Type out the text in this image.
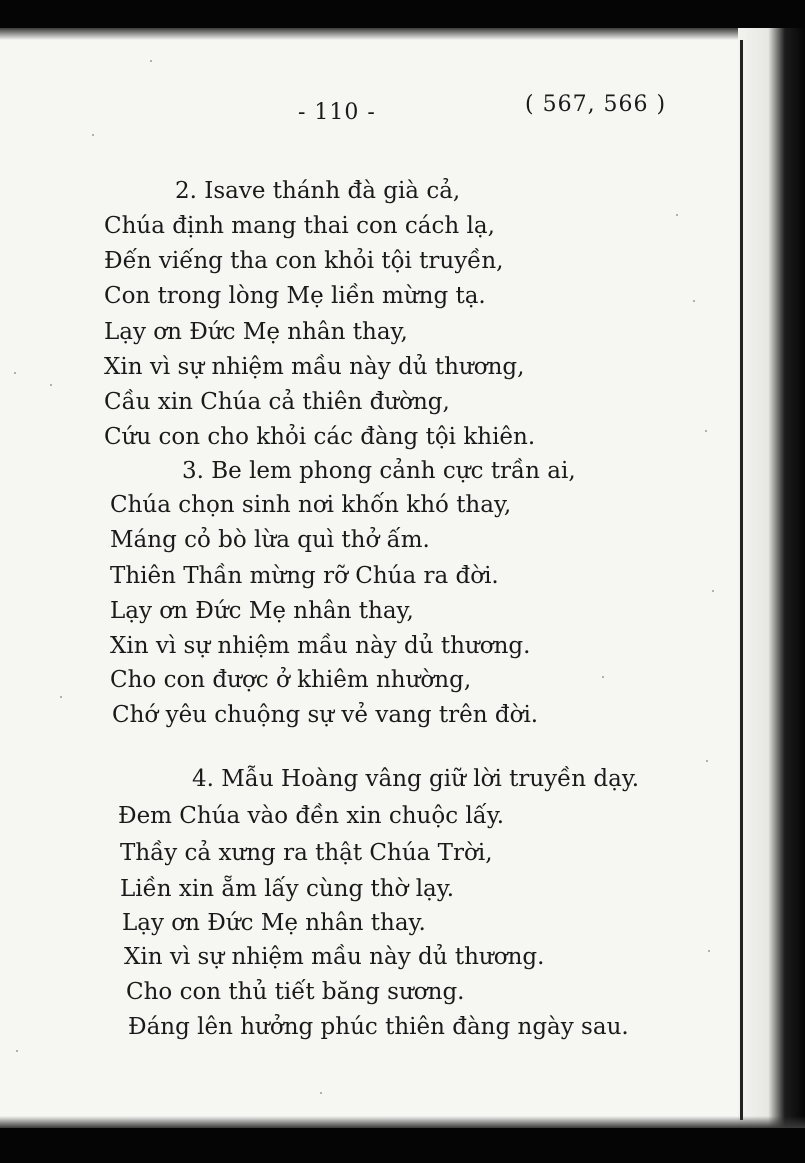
- 110 -	( 567, 566 )
2. Isave thánh đà già cả,
Chúa định mang thai con cách lạ,
Đến viếng tha con khỏi tội truyền,
Con trong lòng Mẹ liền mừng tạ.
Lạy ơn Đức Mẹ nhân thay,
Xin vì sự nhiệm mầu này dủ thương,
Cầu xin Chúa cả thiên đường,
Cứu con cho khỏi các đàng tội khiên.
3. Be lem phong cảnh cực trần ai,
Chúa chọn sinh nơi khốn khó thay,
Máng cỏ bò lừa quì thở ấm.
Thiên Thần mừng rỡ Chúa ra đời.
Lạy ơn Đức Mẹ nhân thay,
Xin vì sự nhiệm mầu này dủ thương.
Cho con được ở khiêm nhường,
Chớ yêu chuộng sự vẻ vang trên đời.
4. Mẫu Hoàng vâng giữ lời truyền dạy.
Đem Chúa vào đền xin chuộc lấy.
Thầy cả xưng ra thật Chúa Trời,
Liền xin ẵm lấy cùng thờ lạy.
Lạy ơn Đức Mẹ nhân thay.
Xin vì sự nhiệm mầu này dủ thương.
Cho con thủ tiết băng sương.
Đáng lên hưởng phúc thiên đàng ngày sau.
